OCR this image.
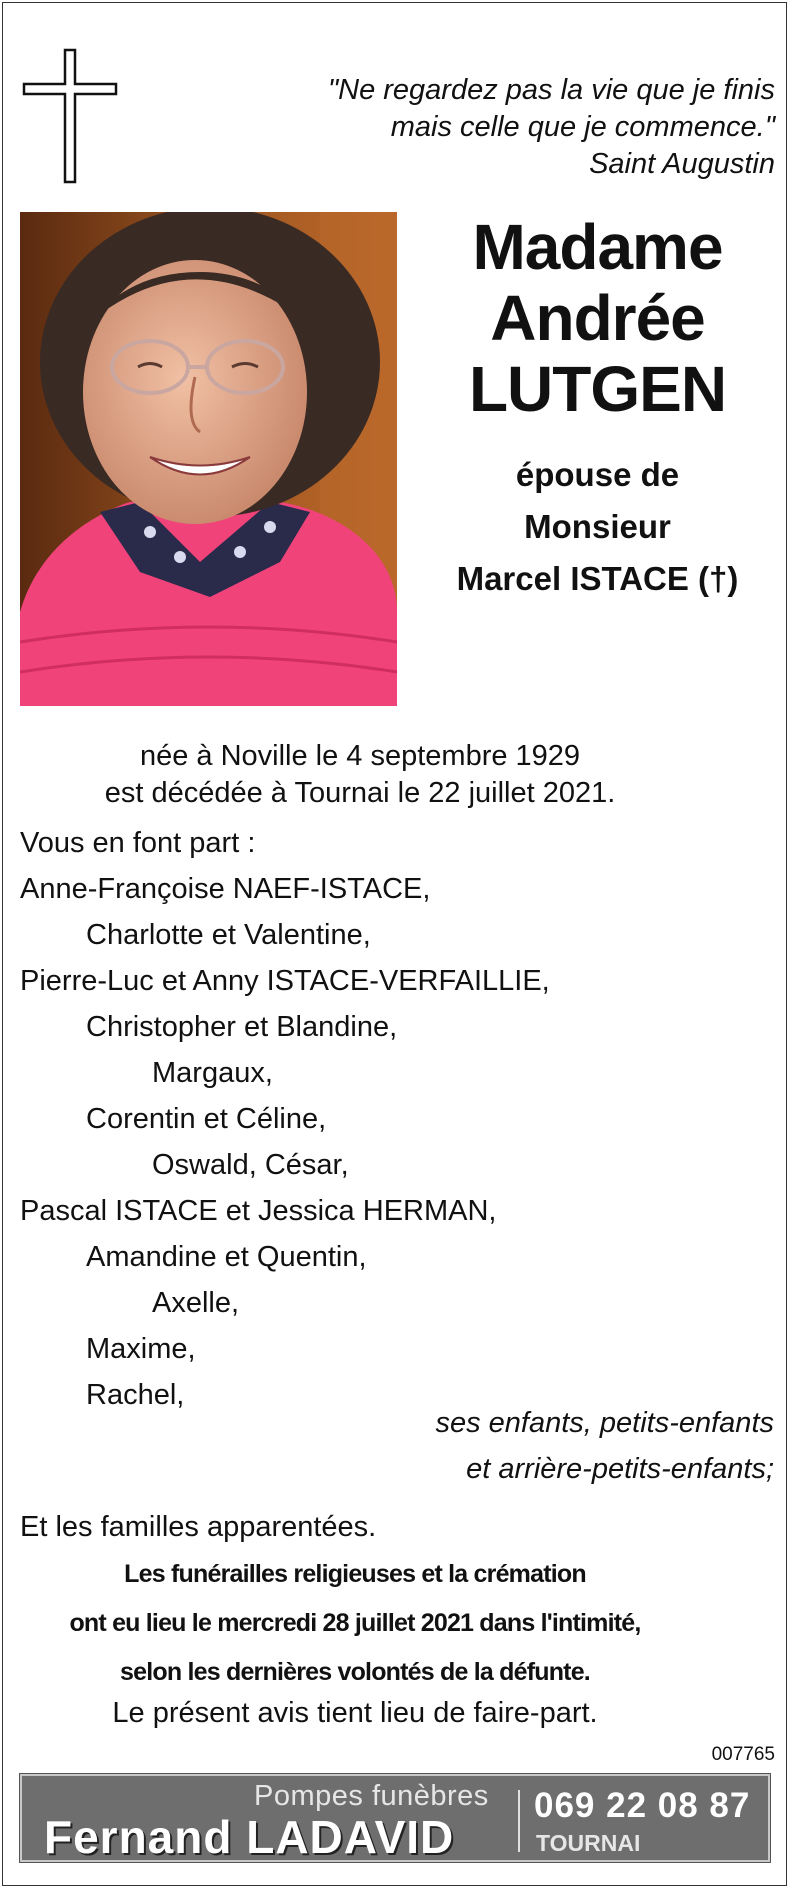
"Ne regardez pas la vie que je finis
mais celle que je commence."
Saint Augustin
Madame
Andrée
LUTGEN
épouse de
Monsieur
Marcel ISTACE (†)
née à Noville le 4 septembre 1929
est décédée à Tournai le 22 juillet 2021.
Vous en font part :
Anne-Françoise NAEF-ISTACE,
Charlotte et Valentine,
Pierre-Luc et Anny ISTACE-VERFAILLIE,
Christopher et Blandine,
Margaux,
Corentin et Céline,
Oswald, César,
Pascal ISTACE et Jessica HERMAN,
Amandine et Quentin,
Axelle,
Maxime,
Rachel,
ses enfants, petits-enfants
et arrière-petits-enfants;
Et les familles apparentées.
Les funérailles religieuses et la crémation
ont eu lieu le mercredi 28 juillet 2021 dans l'intimité,
selon les dernières volontés de la défunte.
Le présent avis tient lieu de faire-part.
007765
Pompes funèbres
Fernand LADAVID
069 22 08 87
TOURNAI
